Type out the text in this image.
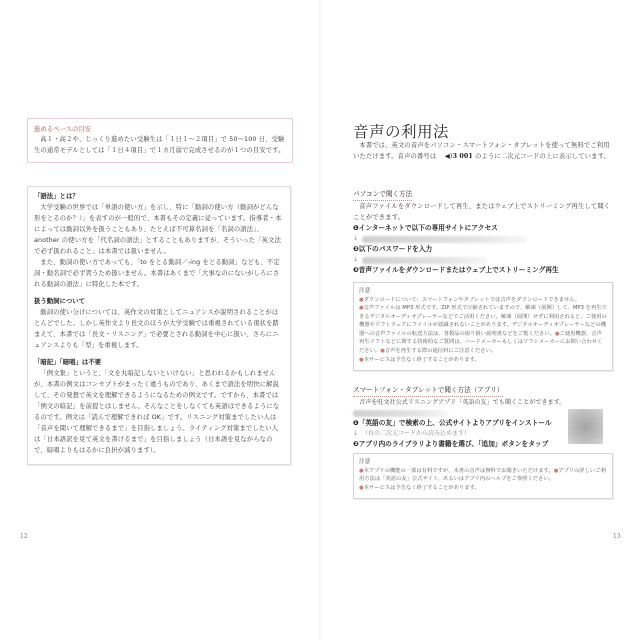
進めるペースの目安
高１・高２や、じっくり進めたい受験生は「１日１〜２項目」で 50〜100 日、受験生の通常モデルとしては「１日４項目」で１カ月弱で完成させるのが１つの目安です。
「語法」とは？
大学受験の世界では「単語の使い方」を示し、特に「動詞の使い方（動詞がどんな形をとるのか？）」を表すのが一般的で、本書もその定義に従っています。指導者・本によっては動詞以外を扱うこともあり、たとえば不可算名詞を「名詞の語法」、another の使い方を「代名詞の語法」とすることもありますが、そういった「英文法で必ず扱われること」は本書では扱いません。
また、動詞の使い方であっても、「to をとる動詞／-ing をとる動詞」なども、不定詞・動名詞で必ず習うため扱いません。本書はあくまで「大事なのにないがしろにされる動詞の語法」に特化した本です。
扱う動詞について
動詞の使い分けについては、英作文の対策としてニュアンスが説明されることがほとんどでした。しかし英作文より長文のほうが大学受験では重視されている現状を踏まえて、本書では「長文・リスニング」で必要とされる動詞を中心に扱い、さらにニュアンスよりも「型」を重視します。
「暗記」「暗唱」は不要
「例文集」というと、「文を丸暗記しないといけない」と思われるかもしれませんが、本書の例文はコンセプトがまったく違うものであり、あくまで語法を明快に解説して、その発想で英文を理解できるようになるための例文です。ですから、本書では「例文の暗記」を前提とはしません。そんなことをしなくても英語はできるようになるのです。例文は「読んで理解できれば OK」です。リスニング対策までしたい人は「音声を聞いて理解できるまで」を目指しましょう。ライティング対策までしたい人は「日本語訳を見て英文を書けるまで」を目指しましょう（日本語を見ながらなので、暗唱よりもはるかに負担が減ります）。
12
音声の利用法
本書では、英文の音声をパソコン・スマートフォン・タブレットを使って無料でご利用いただけます。音声の番号は ◀)3 001 のように二次元コードの上に表示しています。
パソコンで聞く方法
音声ファイルをダウンロードして再生、またはウェブ上でストリーミング再生して聞くことができます。
❶インターネットで以下の専用サイトにアクセス
↓
❷以下のパスワードを入力
↓
❸音声ファイルをダウンロードまたはウェブ上でストリーミング再生
注意
●ダウンロードについて：スマートフォンやタブレットでは音声をダウンロードできません。
●音声ファイルは MP3 形式です。ZIP 形式で圧縮されていますので、解凍（展開）して、MP3 を再生できるデジタルオーディオプレーヤーなどでご活用ください。解凍（展開）せずに利用されると、ご使用の機器やソフトウェアにファイルが認識されないことがあります。デジタルオーディオプレーヤーなどの機器への音声ファイルの転送方法は、各製品の取り扱い説明書などをご覧ください。●ご使用機器、音声再生ソフトなどに関する技術的なご質問は、ハードメーカーもしくはソフトメーカーにお問い合わせください。●音声を再生する際の通信料にご注意ください。
●本サービスは予告なく終了することがあります。
スマートフォン・タブレットで聞く方法（アプリ）
音声を旺文社公式リスニングアプリ「英語の友」でも聞くことができます。
❶「英語の友」で検索の上、公式サイトよりアプリをインストール
↓ （右の二次元コードから読み込めます）
❷アプリ内のライブラリより書籍を選び、「追加」ボタンをタップ
注意
●本アプリの機能の一部は有料ですが、本書の音声は無料でお聞きいただけます。●アプリの詳しいご利用方法は「英語の友」公式サイト、あるいはアプリ内のヘルプをご参照ください。
●本サービスは予告なく終了することがあります。
13
